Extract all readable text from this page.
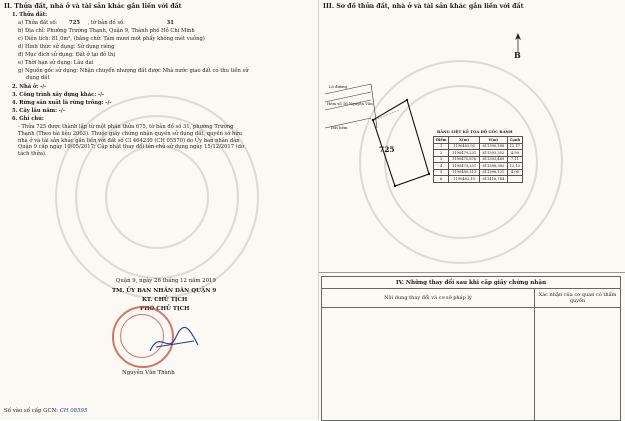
II. Thửa đất, nhà ở và tài sản khác gắn liền với đất
1. Thửa đất:
a) Thửa đất số: 725 , tờ bản đồ số:	31
b) Địa chỉ: Phường Trường Thạnh, Quận 9, Thành phố Hồ Chí Minh
c) Diện tích: 81,0m², (bằng chữ: Tám mươi mốt phẩy không mét vuông)
d) Hình thức sử dụng: Sử dụng riêng
đ) Mục đích sử dụng: Đất ở tại đô thị
e) Thời hạn sử dụng: Lâu dài
g) Nguồn gốc sử dụng: Nhận chuyển nhượng đất được Nhà nước giao đất có thu tiền sử
dụng đất
2. Nhà ở: -/-
3. Công trình xây dựng khác: -/-
4. Rừng sản xuất là rừng trồng: -/-
5. Cây lâu năm: -/-
6. Ghi chú:
- Thửa 725 được thành lập từ một phần thửa 675, tờ bản đồ số 31, phường Trường
Thạnh (Theo tài liệu 2003). Thuộc giấy chứng nhận quyền sử dụng đất, quyền sở hữu
nhà ở và tài sản khác gắn liền với đất số CI 464230 (CH 05570) do Ủy ban nhân dân
Quận 9 cấp ngày 10/05/2017; Cập nhật thay đổi tên chủ sử dụng ngày 15/12/2017 (do
tách thửa).
Quận 9, ngày 26 tháng 12 năm 2019
TM. ỦY BAN NHÂN DÂN QUẬN 9
KT. CHỦ TỊCH
PHÓ CHỦ TỊCH
Nguyễn Văn Thành
Số vào sổ cấp GCN: CH 08595
III. Sơ đồ thửa đất, nhà ở và tài sản khác gắn liền với đất
B
Lộ đường
Hẻm số 16 Nguyễn Văn
Đất hẻm
725
BẢNG LIỆT KÊ TỌA ĐỘ GÓC RANH
Điểm	X(m)	Y(m)	Cạnh
1	1190482,93	611390,188	12,17
2	1190479,231	611393,352	4,99
3	1190475,876	611393,469	7,11
4	1190473,251	611398,382	12,13
5	1190480,213	611396,121	4,06
6	1190482,15	611416,744	
IV. Những thay đổi sau khi cấp giấy chứng nhận	
Nội dung thay đổi và cơ sở pháp lý	Xác nhận của cơ quan có thẩm quyền
